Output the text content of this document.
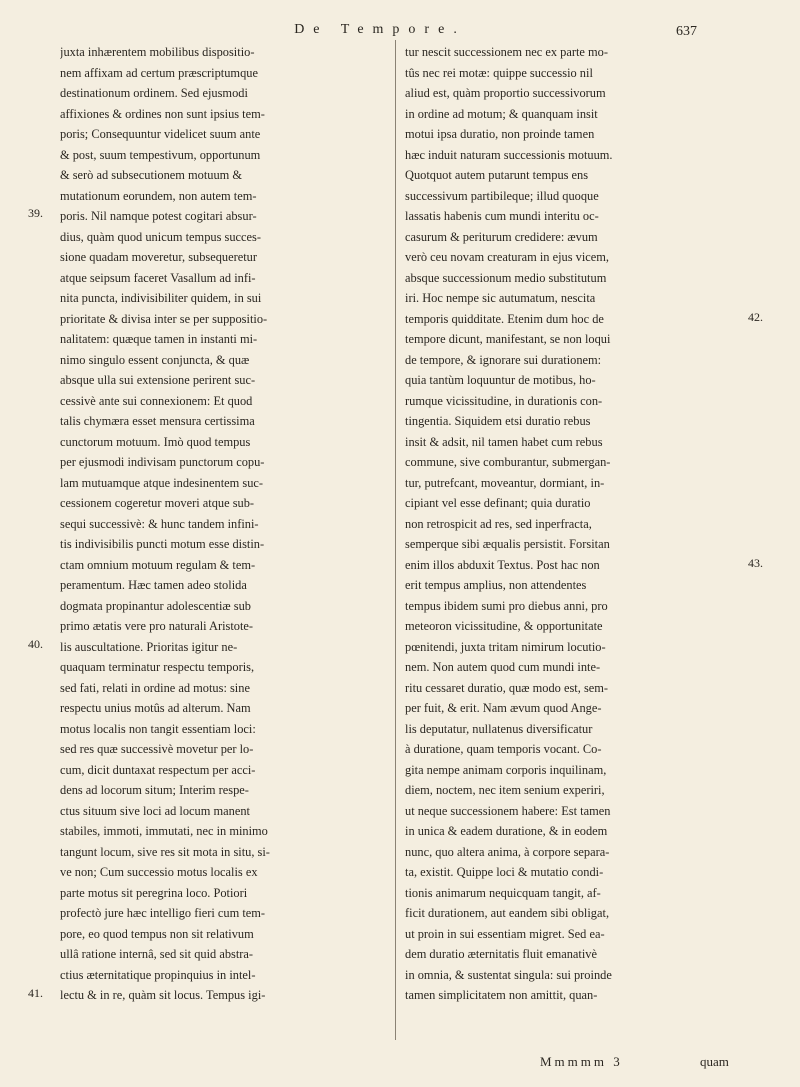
De Tempore.	637
juxta inhærentem mobilibus dispositio-
nem affixam ad certum præscriptumque
destinationum ordinem. Sed ejusmodi
affixiones & ordines non sunt ipsius tem-
poris; Consequuntur videlicet suum ante
& post, suum tempestivum, opportunum
& serò ad subsecutionem motuum &
mutationum eorundem, non autem tem-
poris. Nil namque potest cogitari absur-
dius, quàm quod unicum tempus succes-
sione quadam moveretur, subsequeretur
atque seipsum faceret Vasallum ad infi-
nita puncta, indivisibiliter quidem, in sui
prioritate & divisa inter se per suppositio-
nalitatem: quæque tamen in instanti mi-
nimo singulo essent conjuncta, & quæ
absque ulla sui extensione perirent suc-
cessivè ante sui connexionem: Et quod
talis chymæra esset mensura certissima
cunctorum motuum. Imò quod tempus
per ejusmodi indivisam punctorum copu-
lam mutuamque atque indesinentem suc-
cessionem cogeretur moveri atque sub-
sequi successivè: & hunc tandem infini-
tis indivisibilis puncti motum esse distin-
ctam omnium motuum regulam & tem-
peramentum. Hæc tamen adeo stolida
dogmata propinantur adolescentiæ sub
primo ætatis vere pro naturali Aristote-
lis auscultatione. Prioritas igitur ne-
quaquam terminatur respectu temporis,
sed fati, relati in ordine ad motus: sine
respectu unius motûs ad alterum. Nam
motus localis non tangit essentiam loci:
sed res quæ successivè movetur per lo-
cum, dicit duntaxat respectum per acci-
dens ad locorum situm; Interim respe-
ctus situum sive loci ad locum manent
stabiles, immoti, immutati, nec in minimo
tangunt locum, sive res sit mota in situ, si-
ve non; Cum successio motus localis ex
parte motus sit peregrina loco. Potiori
profectò jure hæc intelligo fieri cum tem-
pore, eo quod tempus non sit relativum
ullâ ratione internâ, sed sit quid abstra-
ctius æternitatique propinquius in intel-
lectu & in re, quàm sit locus. Tempus igi-
tur nescit successionem nec ex parte mo-
tûs nec rei motæ: quippe successio nil
aliud est, quàm proportio successivorum
in ordine ad motum; & quanquam insit
motui ipsa duratio, non proinde tamen
hæc induit naturam successionis motuum.
Quotquot autem putarunt tempus ens
successivum partibileque; illud quoque
lassatis habenis cum mundi interitu oc-
casurum & periturum credidere: ævum
verò ceu novam creaturam in ejus vicem,
absque successionum medio substitutum
iri. Hoc nempe sic autumatum, nescita
temporis quidditate. Etenim dum hoc de
tempore dicunt, manifestant, se non loqui
de tempore, & ignorare sui durationem:
quia tantùm loquuntur de motibus, ho-
rumque vicissitudine, in durationis con-
tingentia. Siquidem etsi duratio rebus
insit & adsit, nil tamen habet cum rebus
commune, sive comburantur, submergan-
tur, putrefcant, moveantur, dormiant, in-
cipiant vel esse definant; quia duratio
non retrospicit ad res, sed inperfracta,
semperque sibi æqualis persistit. Forsitan
enim illos abduxit Textus. Post hac non
erit tempus amplius, non attendentes
tempus ibidem sumi pro diebus anni, pro
meteoron vicissitudine, & opportunitate
pœnitendi, juxta tritam nimirum locutio-
nem. Non autem quod cum mundi inte-
ritu cessaret duratio, quæ modo est, sem-
per fuit, & erit. Nam ævum quod Ange-
lis deputatur, nullatenus diversificatur
à duratione, quam temporis vocant. Co-
gita nempe animam corporis inquilinam,
diem, noctem, nec item senium experiri,
ut neque successionem habere: Est tamen
in unica & eadem duratione, & in eodem
nunc, quo altera anima, à corpore separa-
ta, existit. Quippe loci & mutatio condi-
tionis animarum nequicquam tangit, af-
ficit durationem, aut eandem sibi obligat,
ut proin in sui essentiam migret. Sed ea-
dem duratio æternitatis fluit emanativè
in omnia, & sustentat singula: sui proinde
tamen simplicitatem non amittit, quan-
39.
40.
41.
42.
43.
Mmmmm 3	quam
